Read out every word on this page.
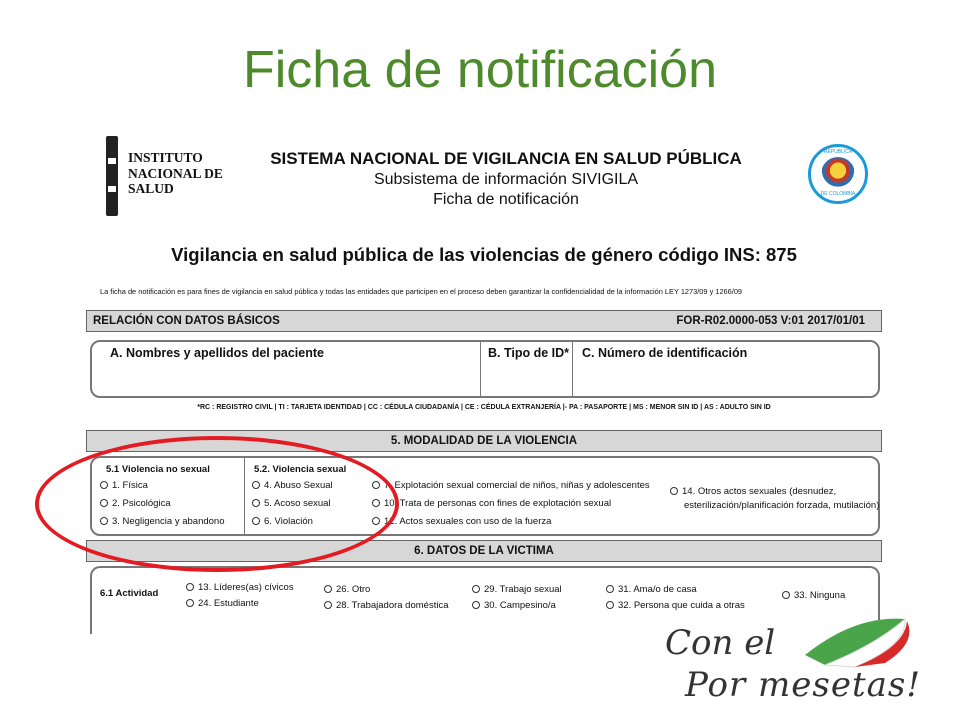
Ficha de notificación
INSTITUTO
NACIONAL DE
SALUD
SISTEMA NACIONAL DE VIGILANCIA EN SALUD PÚBLICA
Subsistema de información SIVIGILA
Ficha de notificación
REPÚBLICA
DE COLOMBIA
Vigilancia en salud pública de las violencias de género código INS: 875
La ficha de notificación es para fines de vigilancia en salud pública y todas las entidades que participen en el proceso deben garantizar la confidencialidad de la información LEY 1273/09 y 1266/09
RELACIÓN CON DATOS BÁSICOS	FOR-R02.0000-053 V:01 2017/01/01
A. Nombres y apellidos del paciente	B. Tipo de ID* C. Número de identificación
*RC : REGISTRO CIVIL | TI : TARJETA IDENTIDAD | CC : CÉDULA CIUDADANÍA | CE : CÉDULA EXTRANJERÍA |- PA : PASAPORTE | MS : MENOR SIN ID | AS : ADULTO SIN ID
5. MODALIDAD DE LA VIOLENCIA
5.1 Violencia no sexual
1. Física
2. Psicológica
3. Negligencia y abandono
5.2. Violencia sexual
4. Abuso Sexual
5. Acoso sexual
6. Violación
7. Explotación sexual comercial de niños, niñas y adolescentes
10. Trata de personas con fines de explotación sexual
12. Actos sexuales con uso de la fuerza
14. Otros actos sexuales (desnudez,
esterilización/planificación forzada, mutilación)
6. DATOS DE LA VICTIMA
6.1 Actividad
13. Líderes(as) cívicos
24. Estudiante
26. Otro
28. Trabajadora doméstica
29. Trabajo sexual
30. Campesino/a
31. Ama/o de casa
32. Persona que cuida a otras
33. Ninguna
Con el
Por mesetas!
